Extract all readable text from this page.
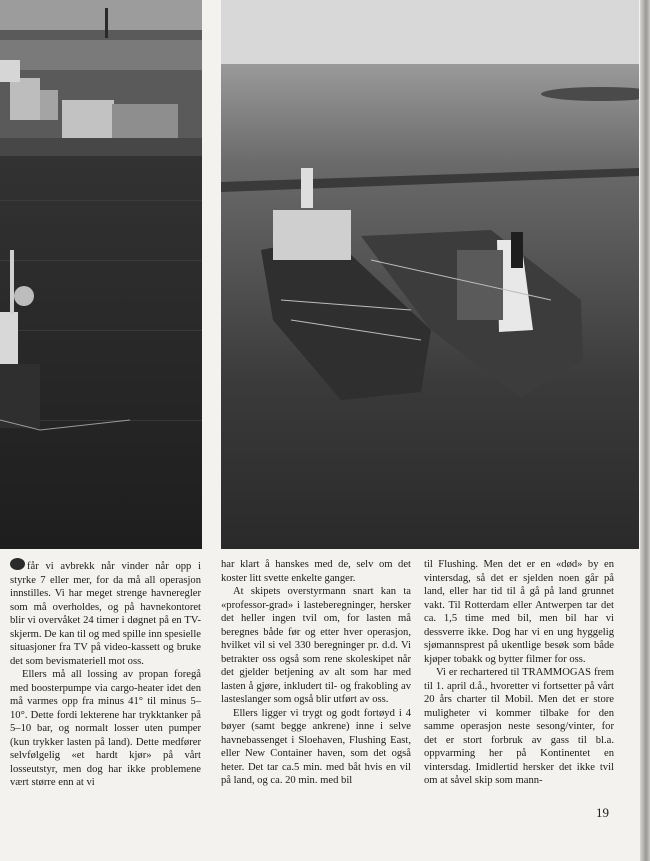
får vi avbrekk når vinder når opp i styrke 7 eller mer, for da må all operasjon innstilles. Vi har meget strenge havneregler som må overholdes, og på havnekontoret blir vi overvåket 24 timer i døgnet på en TV-skjerm. De kan til og med spille inn spesielle situasjoner fra TV på video-kassett og bruke det som bevismateriell mot oss.

Ellers må all lossing av propan foregå med boosterpumpe via cargo-heater idet den må varmes opp fra minus 41° til minus 5–10°. Dette fordi lekterene har trykktanker på 5–10 bar, og normalt losser uten pumper (kun trykker lasten på land). Dette medfører selvfølgelig «et hardt kjør» på vårt losseutstyr, men dog har ikke problemene vært større enn at vi

har klart å hanskes med de, selv om det koster litt svette enkelte ganger.

At skipets overstyrmann snart kan ta «professor-grad» i lasteberegninger, hersker det heller ingen tvil om, for lasten må beregnes både før og etter hver operasjon, hvilket vil si vel 330 beregninger pr. d.d. Vi betrakter oss også som rene skoleskipet når det gjelder betjening av alt som har med lasten å gjøre, inkludert til- og frakobling av lasteslanger som også blir utført av oss.

Ellers ligger vi trygt og godt fortøyd i 4 bøyer (samt begge ankrene) inne i selve havnebassenget i Sloehaven, Flushing East, eller New Container haven, som det også heter. Det tar ca.5 min. med båt hvis en vil på land, og ca. 20 min. med bil

til Flushing. Men det er en «død» by en vintersdag, så det er sjelden noen går på land, eller har tid til å gå på land grunnet vakt. Til Rotterdam eller Antwerpen tar det ca. 1,5 time med bil, men bil har vi dessverre ikke. Dog har vi en ung hyggelig sjømannsprest på ukentlige besøk som både kjøper tobakk og bytter filmer for oss.

Vi er rechartered til TRAMMOGAS frem til 1. april d.å., hvoretter vi fortsetter på vårt 20 års charter til Mobil. Men det er store muligheter vi kommer tilbake for den samme operasjon neste sesong/vinter, for det er stort forbruk av gass til bl.a. oppvarming her på Kontinentet en vintersdag. Imidlertid hersker det ikke tvil om at såvel skip som mann-

19
